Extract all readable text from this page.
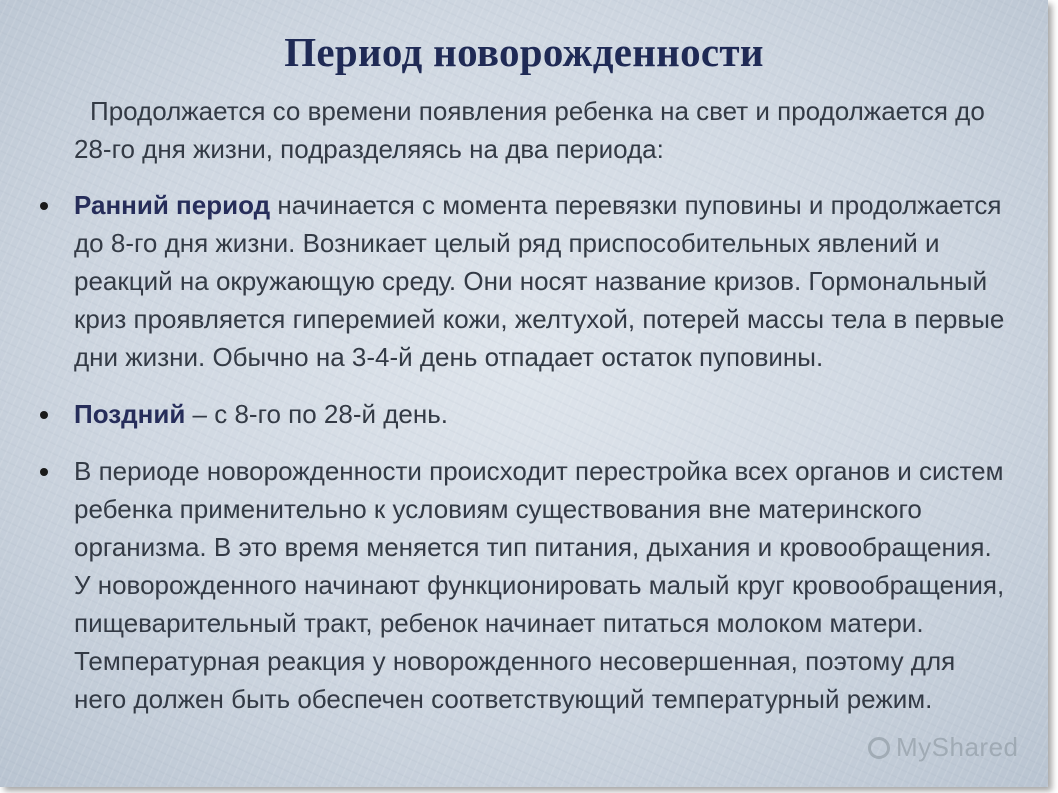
Период новорожденности

Продолжается со времени появления ребенка на свет и продолжается до 28-го дня жизни, подразделяясь на два периода:

Ранний период начинается с момента перевязки пуповины и продолжается до 8-го дня жизни. Возникает целый ряд приспособительных явлений и реакций на окружающую среду. Они носят название кризов. Гормональный криз проявляется гиперемией кожи, желтухой, потерей массы тела в первые дни жизни. Обычно на 3-4-й день отпадает остаток пуповины.
Поздний – с 8-го по 28-й день.
В периоде новорожденности происходит перестройка всех органов и систем ребенка применительно к условиям существования вне материнского организма. В это время меняется тип питания, дыхания и кровообращения. У новорожденного начинают функционировать малый круг кровообращения, пищеварительный тракт, ребенок начинает питаться молоком матери. Температурная реакция у новорожденного несовершенная, поэтому для него должен быть обеспечен соответствующий температурный режим.
MyShared
